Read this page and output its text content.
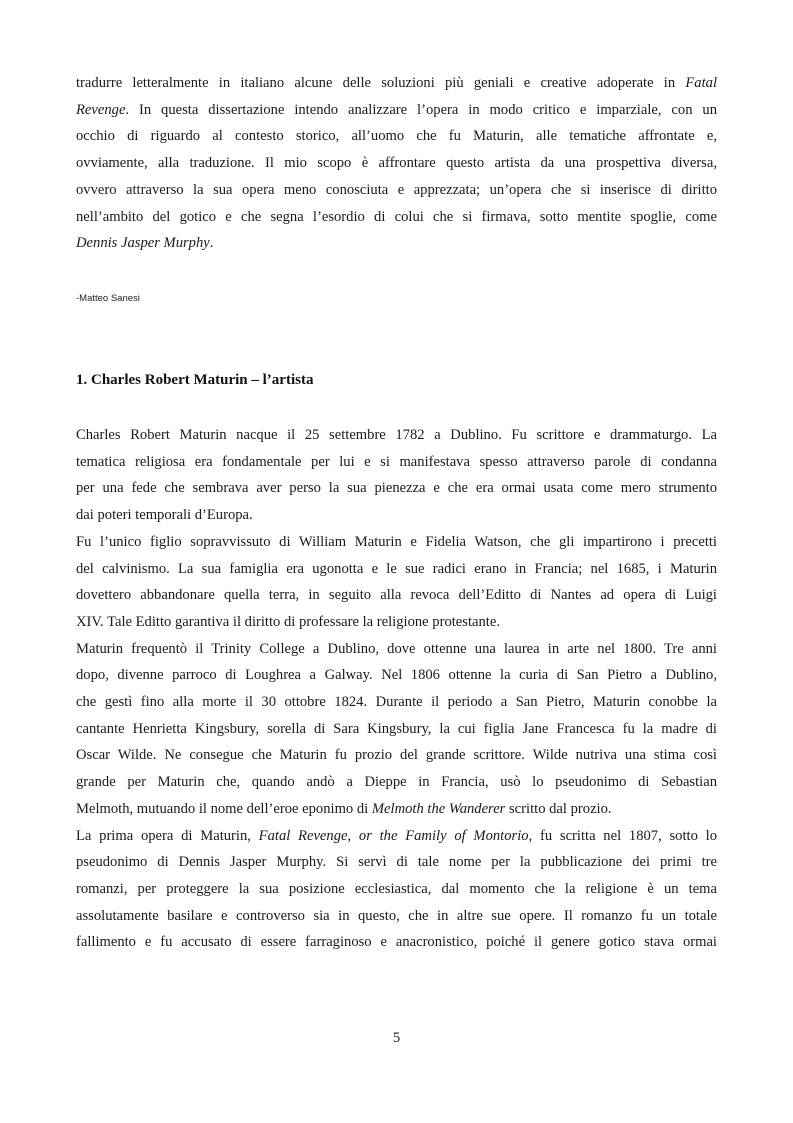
tradurre letteralmente in italiano alcune delle soluzioni più geniali e creative adoperate in Fatal
Revenge. In questa dissertazione intendo analizzare l’opera in modo critico e imparziale, con un
occhio di riguardo al contesto storico, all’uomo che fu Maturin, alle tematiche affrontate e,
ovviamente, alla traduzione. Il mio scopo è affrontare questo artista da una prospettiva diversa,
ovvero attraverso la sua opera meno conosciuta e apprezzata; un’opera che si inserisce di diritto
nell’ambito del gotico e che segna l’esordio di colui che si firmava, sotto mentite spoglie, come
Dennis Jasper Murphy.

-Matteo Sanesi
1. Charles Robert Maturin – l’artista

Charles Robert Maturin nacque il 25 settembre 1782 a Dublino. Fu scrittore e drammaturgo. La
tematica religiosa era fondamentale per lui e si manifestava spesso attraverso parole di condanna
per una fede che sembrava aver perso la sua pienezza e che era ormai usata come mero strumento
dai poteri temporali d’Europa.

Fu l’unico figlio sopravvissuto di William Maturin e Fidelia Watson, che gli impartirono i precetti
del calvinismo. La sua famiglia era ugonotta e le sue radici erano in Francia; nel 1685, i Maturin
dovettero abbandonare quella terra, in seguito alla revoca dell’Editto di Nantes ad opera di Luigi
XIV. Tale Editto garantiva il diritto di professare la religione protestante.

Maturin frequentò il Trinity College a Dublino, dove ottenne una laurea in arte nel 1800. Tre anni
dopo, divenne parroco di Loughrea a Galway. Nel 1806 ottenne la curia di San Pietro a Dublino,
che gestì fino alla morte il 30 ottobre 1824. Durante il periodo a San Pietro, Maturin conobbe la
cantante Henrietta Kingsbury, sorella di Sara Kingsbury, la cui figlia Jane Francesca fu la madre di
Oscar Wilde. Ne consegue che Maturin fu prozio del grande scrittore. Wilde nutriva una stima così
grande per Maturin che, quando andò a Dieppe in Francia, usò lo pseudonimo di Sebastian
Melmoth, mutuando il nome dell’eroe eponimo di Melmoth the Wanderer scritto dal prozio.

La prima opera di Maturin, Fatal Revenge, or the Family of Montorio, fu scritta nel 1807, sotto lo
pseudonimo di Dennis Jasper Murphy. Si servì di tale nome per la pubblicazione dei primi tre
romanzi, per proteggere la sua posizione ecclesiastica, dal momento che la religione è un tema
assolutamente basilare e controverso sia in questo, che in altre sue opere. Il romanzo fu un totale
fallimento e fu accusato di essere farraginoso e anacronistico, poiché il genere gotico stava ormai

5
